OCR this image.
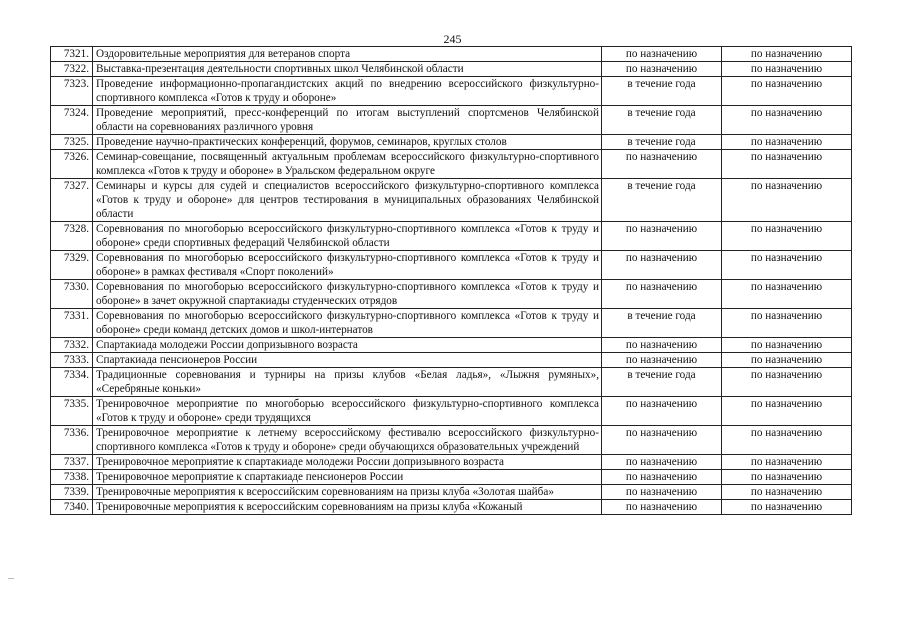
245
7321.	Оздоровительные мероприятия для ветеранов спорта	по назначению	по назначению
7322.	Выставка-презентация деятельности спортивных школ Челябинской области	по назначению	по назначению
7323.	Проведение информационно-пропагандистских акций по внедрению всероссийского физкультурно-спортивного комплекса «Готов к труду и обороне»	в течение года	по назначению
7324.	Проведение мероприятий, пресс-конференций по итогам выступлений спортсменов Челябинской области на соревнованиях различного уровня	в течение года	по назначению
7325.	Проведение научно-практических конференций, форумов, семинаров, круглых столов	в течение года	по назначению
7326.	Семинар-совещание, посвященный актуальным проблемам всероссийского физкультурно-спортивного комплекса «Готов к труду и обороне» в Уральском федеральном округе	по назначению	по назначению
7327.	Семинары и курсы для судей и специалистов всероссийского физкультурно-спортивного комплекса «Готов к труду и обороне» для центров тестирования в муниципальных образованиях Челябинской области	в течение года	по назначению
7328.	Соревнования по многоборью всероссийского физкультурно-спортивного комплекса «Готов к труду и обороне» среди спортивных федераций Челябинской области	по назначению	по назначению
7329.	Соревнования по многоборью всероссийского физкультурно-спортивного комплекса «Готов к труду и обороне» в рамках фестиваля «Спорт поколений»	по назначению	по назначению
7330.	Соревнования по многоборью всероссийского физкультурно-спортивного комплекса «Готов к труду и обороне» в зачет окружной спартакиады студенческих отрядов	по назначению	по назначению
7331.	Соревнования по многоборью всероссийского физкультурно-спортивного комплекса «Готов к труду и обороне» среди команд детских домов и школ-интернатов	в течение года	по назначению
7332.	Спартакиада молодежи России допризывного возраста	по назначению	по назначению
7333.	Спартакиада пенсионеров России	по назначению	по назначению
7334.	Традиционные соревнования и турниры на призы клубов «Белая ладья», «Лыжня румяных», «Серебряные коньки»	в течение года	по назначению
7335.	Тренировочное мероприятие по многоборью всероссийского физкультурно-спортивного комплекса «Готов к труду и обороне» среди трудящихся	по назначению	по назначению
7336.	Тренировочное мероприятие к летнему всероссийскому фестивалю всероссийского физкультурно-спортивного комплекса «Готов к труду и обороне» среди обучающихся образовательных учреждений	по назначению	по назначению
7337.	Тренировочное мероприятие к спартакиаде молодежи России допризывного возраста	по назначению	по назначению
7338.	Тренировочное мероприятие к спартакиаде пенсионеров России	по назначению	по назначению
7339.	Тренировочные мероприятия к всероссийским соревнованиям на призы клуба «Золотая шайба»	по назначению	по назначению
7340.	Тренировочные мероприятия к всероссийским соревнованиям на призы клуба «Кожаный	по назначению	по назначению
